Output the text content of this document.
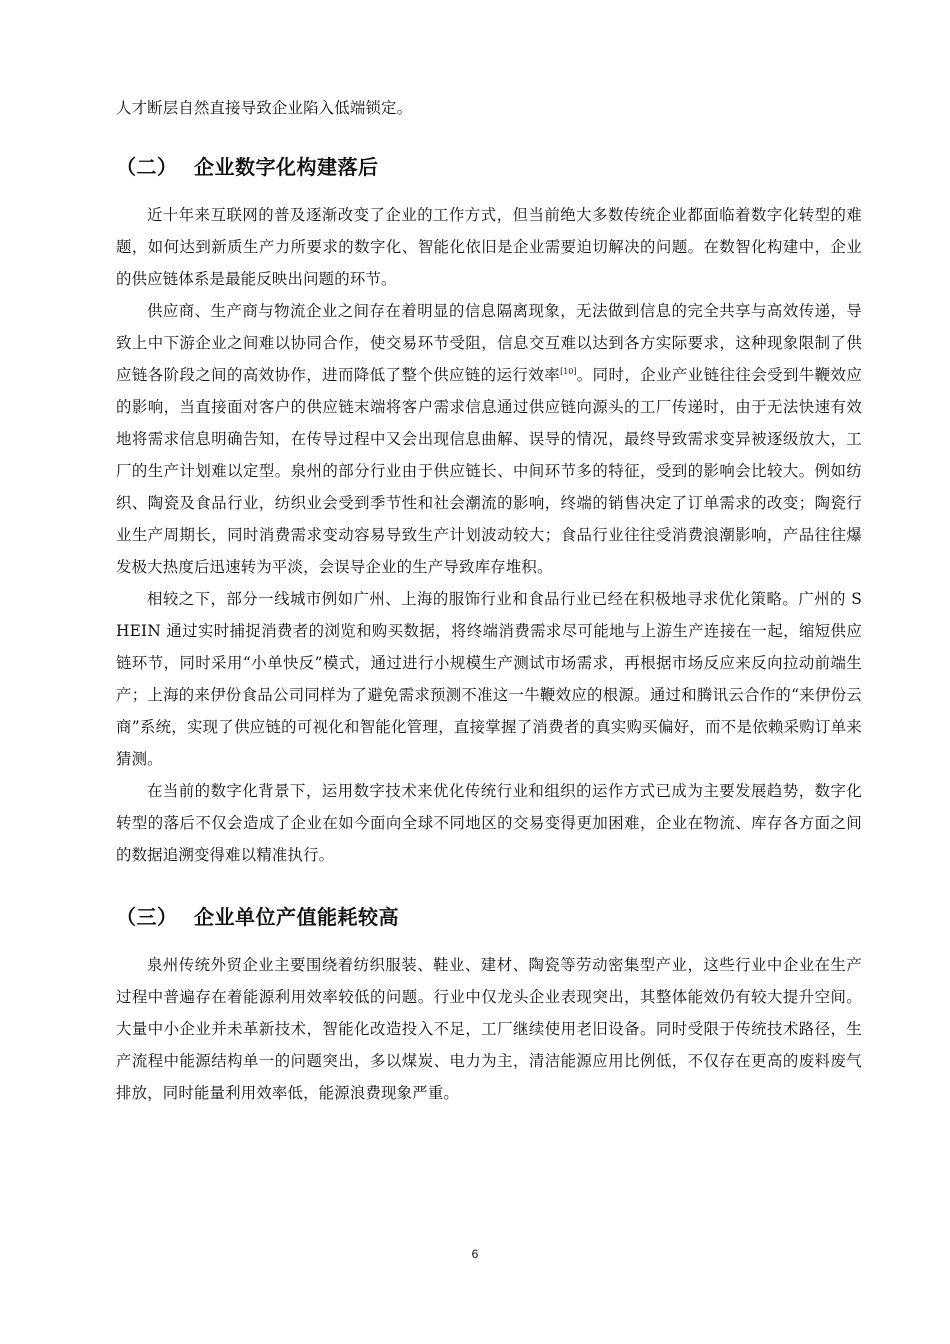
人才断层自然直接导致企业陷入低端锁定。

（二） 企业数字化构建落后

近十年来互联网的普及逐渐改变了企业的工作方式，但当前绝大多数传统企业都面临着数字化转型的难题，如何达到新质生产力所要求的数字化、智能化依旧是企业需要迫切解决的问题。在数智化构建中，企业的供应链体系是最能反映出问题的环节。

供应商、生产商与物流企业之间存在着明显的信息隔离现象，无法做到信息的完全共享与高效传递，导致上中下游企业之间难以协同合作，使交易环节受阻，信息交互难以达到各方实际要求，这种现象限制了供应链各阶段之间的高效协作，进而降低了整个供应链的运行效率[10]。同时，企业产业链往往会受到牛鞭效应的影响，当直接面对客户的供应链末端将客户需求信息通过供应链向源头的工厂传递时，由于无法快速有效地将需求信息明确告知，在传导过程中又会出现信息曲解、误导的情况，最终导致需求变异被逐级放大，工厂的生产计划难以定型。泉州的部分行业由于供应链长、中间环节多的特征，受到的影响会比较大。例如纺织、陶瓷及食品行业，纺织业会受到季节性和社会潮流的影响，终端的销售决定了订单需求的改变；陶瓷行业生产周期长，同时消费需求变动容易导致生产计划波动较大；食品行业往往受消费浪潮影响，产品往往爆发极大热度后迅速转为平淡，会误导企业的生产导致库存堆积。

相较之下，部分一线城市例如广州、上海的服饰行业和食品行业已经在积极地寻求优化策略。广州的 SHEIN 通过实时捕捉消费者的浏览和购买数据，将终端消费需求尽可能地与上游生产连接在一起，缩短供应链环节，同时采用“小单快反”模式，通过进行小规模生产测试市场需求，再根据市场反应来反向拉动前端生产；上海的来伊份食品公司同样为了避免需求预测不准这一牛鞭效应的根源。通过和腾讯云合作的“来伊份云商”系统，实现了供应链的可视化和智能化管理，直接掌握了消费者的真实购买偏好，而不是依赖采购订单来猜测。

在当前的数字化背景下，运用数字技术来优化传统行业和组织的运作方式已成为主要发展趋势，数字化转型的落后不仅会造成了企业在如今面向全球不同地区的交易变得更加困难，企业在物流、库存各方面之间的数据追溯变得难以精准执行。

（三） 企业单位产值能耗较高

泉州传统外贸企业主要围绕着纺织服装、鞋业、建材、陶瓷等劳动密集型产业，这些行业中企业在生产过程中普遍存在着能源利用效率较低的问题。行业中仅龙头企业表现突出，其整体能效仍有较大提升空间。大量中小企业并未革新技术，智能化改造投入不足，工厂继续使用老旧设备。同时受限于传统技术路径，生产流程中能源结构单一的问题突出，多以煤炭、电力为主，清洁能源应用比例低，不仅存在更高的废料废气排放，同时能量利用效率低，能源浪费现象严重。

6
